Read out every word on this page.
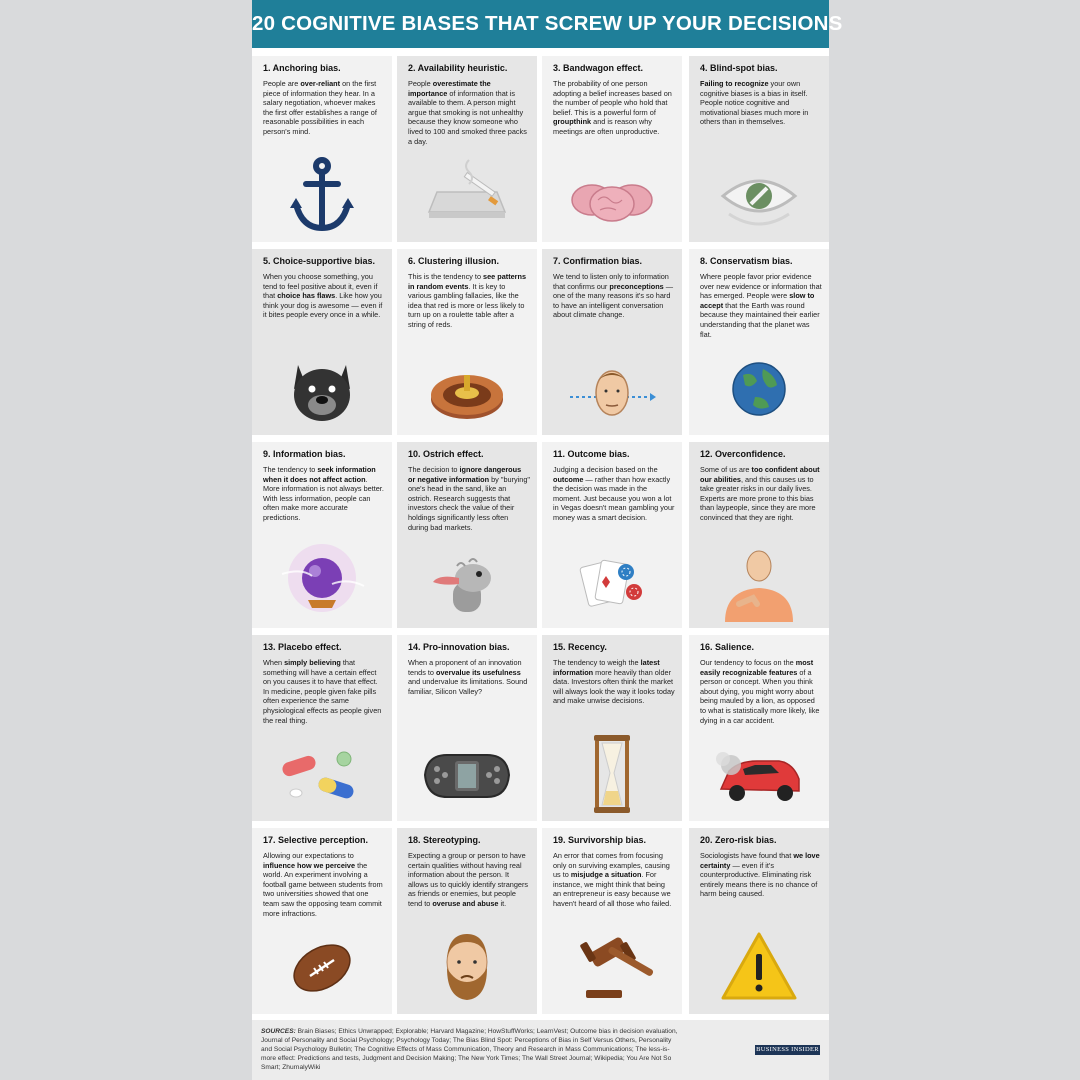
20 COGNITIVE BIASES THAT SCREW UP YOUR DECISIONS
1. Anchoring bias.
People are over-reliant on the first piece of information they hear. In a salary negotiation, whoever makes the first offer establishes a range of reasonable possibilities in each person's mind.
2. Availability heuristic.
People overestimate the importance of information that is available to them. A person might argue that smoking is not unhealthy because they know someone who lived to 100 and smoked three packs a day.
3. Bandwagon effect.
The probability of one person adopting a belief increases based on the number of people who hold that belief. This is a powerful form of groupthink and is reason why meetings are often unproductive.
4. Blind-spot bias.
Failing to recognize your own cognitive biases is a bias in itself. People notice cognitive and motivational biases much more in others than in themselves.
5. Choice-supportive bias.
When you choose something, you tend to feel positive about it, even if that choice has flaws. Like how you think your dog is awesome — even if it bites people every once in a while.
6. Clustering illusion.
This is the tendency to see patterns in random events. It is key to various gambling fallacies, like the idea that red is more or less likely to turn up on a roulette table after a string of reds.
7. Confirmation bias.
We tend to listen only to information that confirms our preconceptions — one of the many reasons it's so hard to have an intelligent conversation about climate change.
8. Conservatism bias.
Where people favor prior evidence over new evidence or information that has emerged. People were slow to accept that the Earth was round because they maintained their earlier understanding that the planet was flat.
9. Information bias.
The tendency to seek information when it does not affect action. More information is not always better. With less information, people can often make more accurate predictions.
10. Ostrich effect.
The decision to ignore dangerous or negative information by "burying" one's head in the sand, like an ostrich. Research suggests that investors check the value of their holdings significantly less often during bad markets.
11. Outcome bias.
Judging a decision based on the outcome — rather than how exactly the decision was made in the moment. Just because you won a lot in Vegas doesn't mean gambling your money was a smart decision.
12. Overconfidence.
Some of us are too confident about our abilities, and this causes us to take greater risks in our daily lives. Experts are more prone to this bias than laypeople, since they are more convinced that they are right.
13. Placebo effect.
When simply believing that something will have a certain effect on you causes it to have that effect. In medicine, people given fake pills often experience the same physiological effects as people given the real thing.
14. Pro-innovation bias.
When a proponent of an innovation tends to overvalue its usefulness and undervalue its limitations. Sound familiar, Silicon Valley?
15. Recency.
The tendency to weigh the latest information more heavily than older data. Investors often think the market will always look the way it looks today and make unwise decisions.
16. Salience.
Our tendency to focus on the most easily recognizable features of a person or concept. When you think about dying, you might worry about being mauled by a lion, as opposed to what is statistically more likely, like dying in a car accident.
17. Selective perception.
Allowing our expectations to influence how we perceive the world. An experiment involving a football game between students from two universities showed that one team saw the opposing team commit more infractions.
18. Stereotyping.
Expecting a group or person to have certain qualities without having real information about the person. It allows us to quickly identify strangers as friends or enemies, but people tend to overuse and abuse it.
19. Survivorship bias.
An error that comes from focusing only on surviving examples, causing us to misjudge a situation. For instance, we might think that being an entrepreneur is easy because we haven't heard of all those who failed.
20. Zero-risk bias.
Sociologists have found that we love certainty — even if it's counterproductive. Eliminating risk entirely means there is no chance of harm being caused.
SOURCES: Brain Biases; Ethics Unwrapped; Explorable; Harvard Magazine; HowStuffWorks; LearnVest; Outcome bias in decision evaluation, Journal of Personality and Social Psychology; Psychology Today; The Bias Blind Spot: Perceptions of Bias in Self Versus Others, Personality and Social Psychology Bulletin; The Cognitive Effects of Mass Communication, Theory and Research in Mass Communications; The less-is-more effect: Predictions and tests, Judgment and Decision Making; The New York Times; The Wall Street Journal; Wikipedia; You Are Not So Smart; ZhurnalyWiki
BUSINESS INSIDER
